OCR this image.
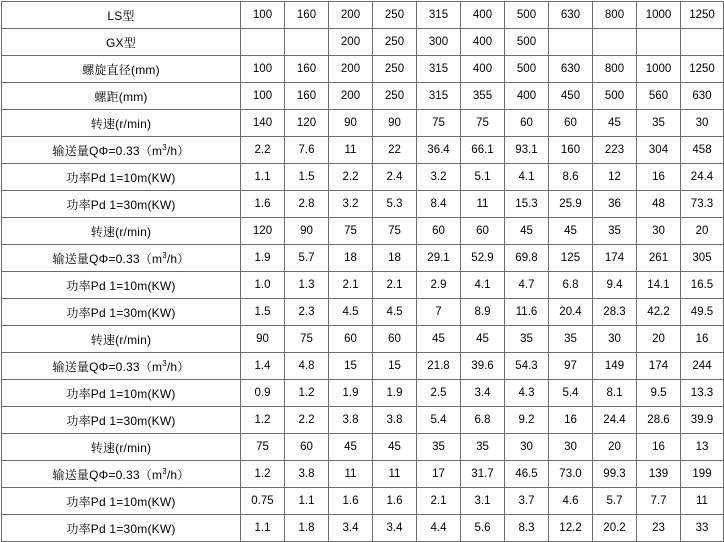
LS型	100	160	200	250	315	400	500	630	800	1000	1250
GX型			200	250	300	400	500				
螺旋直径(mm)	100	160	200	250	315	400	500	630	800	1000	1250
螺距(mm)	100	160	200	250	315	355	400	450	500	560	630
转速(r/min)	140	120	90	90	75	75	60	60	45	35	30
输送量$Q\Phi=0.33(m^3/h)$	2.2	7.6	11	22	36.4	66.1	93.1	160	223	304	458
功率Pd 1=10m(KW)	1.1	1.5	2.2	2.4	3.2	5.1	4.1	8.6	12	16	24.4
功率Pd 1=30m(KW)	1.6	2.8	3.2	5.3	8.4	11	15.3	25.9	36	48	73.3
转速(r/min)	120	90	75	75	60	60	45	45	35	30	20
输送量$Q\Phi=0.33(m^3/h)$	1.9	5.7	18	18	29.1	52.9	69.8	125	174	261	305
功率Pd 1=10m(KW)	1.0	1.3	2.1	2.1	2.9	4.1	4.7	6.8	9.4	14.1	16.5
功率Pd 1=30m(KW)	1.5	2.3	4.5	4.5	7	8.9	11.6	20.4	28.3	42.2	49.5
转速(r/min)	90	75	60	60	45	45	35	35	30	20	16
输送量$Q\Phi=0.33(m^3/h)$	1.4	4.8	15	15	21.8	39.6	54.3	97	149	174	244
功率Pd 1=10m(KW)	0.9	1.2	1.9	1.9	2.5	3.4	4.3	5.4	8.1	9.5	13.3
功率Pd 1=30m(KW)	1.2	2.2	3.8	3.8	5.4	6.8	9.2	16	24.4	28.6	39.9
转速(r/min)	75	60	45	45	35	35	30	30	20	16	13
输送量$Q\Phi=0.33(m^3/h)$	1.2	3.8	11	11	17	31.7	46.5	73.0	99.3	139	199
功率Pd 1=10m(KW)	0.75	1.1	1.6	1.6	2.1	3.1	3.7	4.6	5.7	7.7	11
功率Pd 1=30m(KW)	1.1	1.8	3.4	3.4	4.4	5.6	8.3	12.2	20.2	23	33
